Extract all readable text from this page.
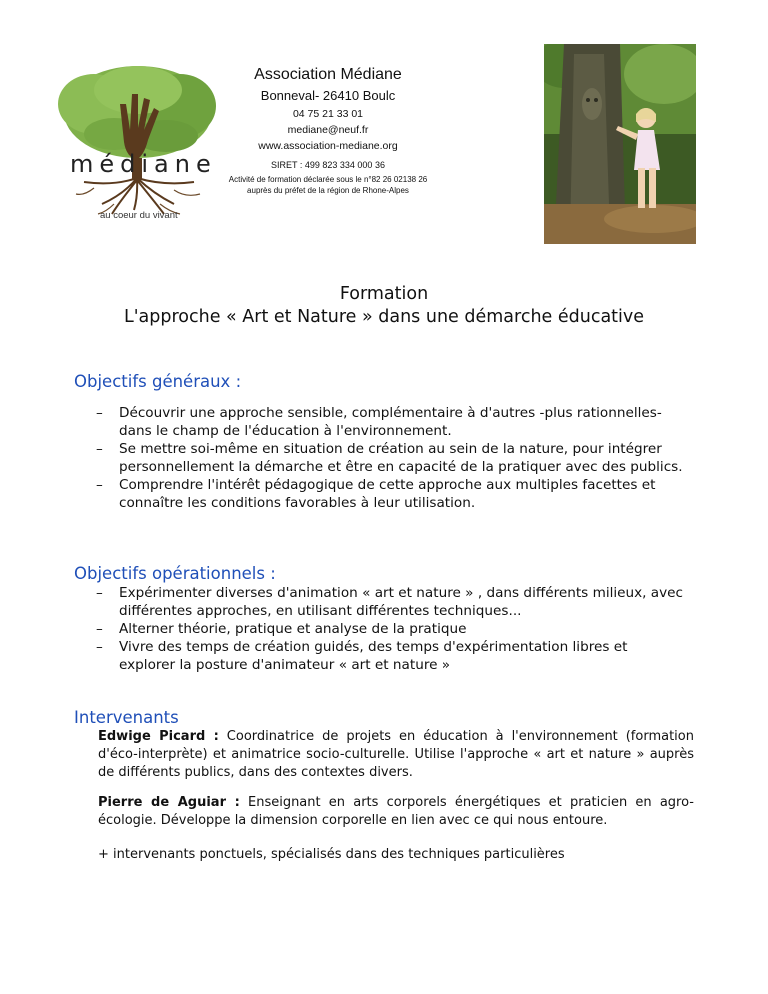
médiane
au coeur du vivant
Association Médiane
Bonneval- 26410 Boulc
04 75 21 33 01
mediane@neuf.fr
www.association-mediane.org
SIRET : 499 823 334 000 36
Activité de formation déclarée sous le n°82 26 02138 26 auprès du préfet de la région de Rhone-Alpes
Formation
L'approche « Art et Nature » dans une démarche éducative
Objectifs généraux :
– Découvrir une approche sensible, complémentaire à d'autres -plus rationnelles- dans le champ de l'éducation à l'environnement.
– Se mettre soi-même en situation de création au sein de la nature, pour intégrer personnellement la démarche et être en capacité de la pratiquer avec des publics.
– Comprendre l'intérêt pédagogique de cette approche aux multiples facettes et connaître les conditions favorables à leur utilisation.
Objectifs opérationnels :
– Expérimenter diverses d'animation « art et nature » , dans différents milieux, avec différentes approches, en utilisant différentes techniques...
– Alterner théorie, pratique et analyse de la pratique
– Vivre des temps de création guidés, des temps d'expérimentation libres et explorer la posture d'animateur « art et nature »
Intervenants
Edwige Picard : Coordinatrice de projets en éducation à l'environnement (formation d'éco-interprète) et animatrice socio-culturelle. Utilise l'approche « art et nature » auprès de différents publics, dans des contextes divers.
Pierre de Aguiar : Enseignant en arts corporels énergétiques et praticien en agro-écologie. Développe la dimension corporelle en lien avec ce qui nous entoure.
+ intervenants ponctuels, spécialisés dans des techniques particulières
